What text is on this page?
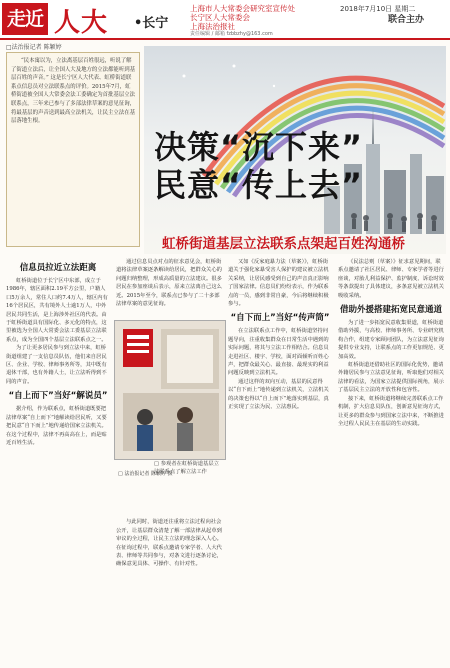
走近 人大 •长宁
上海市人大常委会研究室宣传处
长宁区人大常委会
上海法治报社
2018年7月10日 星期二
联合主办
责任编辑 / 邮箱 fzbbzhy@163.com
□法治报记者 陈颖婷
“民本寓以为，立法离基层百姓很远，听说了解了街道立法后，让全国人大及地方的立法都能听到基层百姓的声音。” 这是长宁区人大代表、虹桥街道联系点信息员对立法联系点的评价。2015年7月，虹桥街道被全国人大常委会法工委确定为首批基层立法联系点，三年来已参与了多部法律草案的意见征询，将最基层的声音送到最高立法机关，让民主立法在基层落地生根。
决策“沉下来”
民意“传上去”
虹桥街道基层立法联系点架起百姓沟通桥
信息员拉近立法距离

虹桥街道位于长宁区中东部，成立于1986年，辖区面积2.19平方公里，户籍人口5万余人，常住人口约7.4万人，辖区内有16个居民区，共有境外人士逾1万人，中外居民共同生活，是上海涉外社区的代表。由于虹桥街道具有国际化、多元化的特点，这里被选为全国人大常委会法工委基层立法联系点，成为全国四个基层立法联系点之一。

为了让更多居民参与到立法中来，虹桥街道组建了一支信息员队伍，他们来自居民区、企业、学校、律师事务所等，其中既有退休干部，也有外籍人士，让立法听得到不同的声音。

“自上而下”当好“解说员”

据介绍，作为联系点，虹桥街道既要把法律草案“自上而下”地解读给居民听，又要把民意“自下而上”地传递给国家立法机关。在这个过程中，法律不再高高在上，而是贴近百姓生活。

通过信息员点对点的征求意见会，虹桥街道将法律草案逐条解读给居民，把群众关心的问题归纳整理，形成高质量的立法建议。很多居民在参加座谈后表示，原来立法离自己这么近。2015年至今，联系点已参与了二十多部法律草案的意见征询。

与此同时，街道还注重将立法过程向社会公开，让基层群众清楚了解一部法律从起草到审议的全过程，让民主立法的理念深入人心。在征询过程中，联系点邀请专家学者、人大代表、律师等共同参与，对条文进行逐条讨论，确保意见具体、可操作、有针对性。

□ 参观者在虹桥街道基层立法联系点了解立法工作

又如《反家庭暴力法（草案）》，虹桥街道关于强化家暴受害人保护的建议被立法机关采纳，让居民感受到自己的声音真正影响了国家法律。信息员们纷纷表示，作为联系点的一员，感到非常自豪，今后将继续积极参与。

“自下而上”当好“传声筒”

在立法联系点工作中，虹桥街道坚持问题导向，注重收集群众在日常生活中遇到的实际问题，将其与立法工作相结合。信息员走进社区、楼宇、学校，面对面倾听百姓心声，把群众最关心、最直接、最现实的利益问题反映到立法机关。

通过这样的双向互动，基层的民意得以“自下而上”地传递到立法机关，立法机关的决策也得以“自上而下”地落实到基层，真正实现了立法为民、立法惠民。

《民法总则（草案）》征求意见期间，联系点邀请了社区居民、律师、专家学者等进行座谈，对胎儿利益保护、监护制度、诉讼时效等条款提出了具体建议，多条意见被立法机关吸收采纳。

借助外援搭建拓宽民意通道

为了进一步拓宽民意收集渠道，虹桥街道借助外援，与高校、律师事务所、专业研究机构合作，组建专家顾问团队，为立法意见征询提供专业支持，让联系点的工作更加规范、更加高效。

虹桥街道还借助社区的国际化优势，邀请外籍居民参与立法意见征询，听取他们对相关法律的看法，为国家立法提供国际视角，展示了基层民主立法的开放性和包容性。

接下来，虹桥街道将继续完善联系点工作机制，扩大信息员队伍，创新意见征询方式，让更多的群众参与到国家立法中来，不断推进全过程人民民主在基层的生动实践。

□ 法治报记者 陈颖婷 摄
